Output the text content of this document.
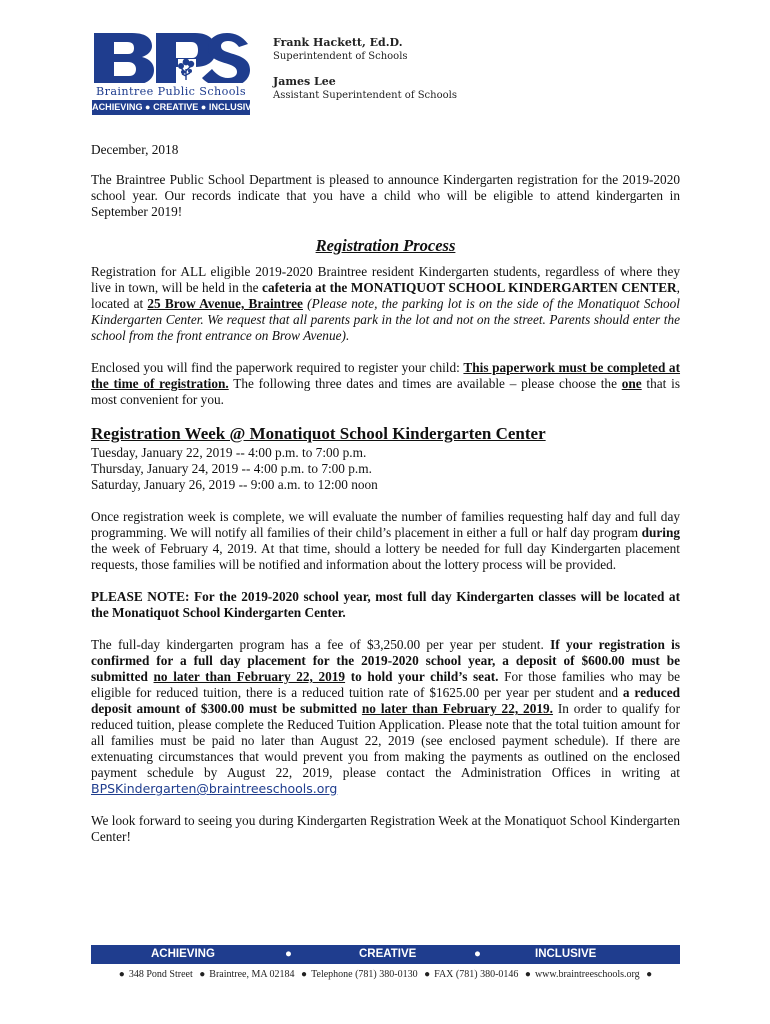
Braintree Public Schools
ACHIEVING ● CREATIVE ● INCLUSIVE
Frank Hackett, Ed.D.
Superintendent of Schools
James Lee
Assistant Superintendent of Schools

December, 2018

The Braintree Public School Department is pleased to announce Kindergarten registration for the 2019-2020 school year. Our records indicate that you have a child who will be eligible to attend kindergarten in September 2019!

Registration Process

Registration for ALL eligible 2019-2020 Braintree resident Kindergarten students, regardless of where they live in town, will be held in the cafeteria at the MONATIQUOT SCHOOL KINDERGARTEN CENTER, located at 25 Brow Avenue, Braintree (Please note, the parking lot is on the side of the Monatiquot School Kindergarten Center. We request that all parents park in the lot and not on the street. Parents should enter the school from the front entrance on Brow Avenue).

Enclosed you will find the paperwork required to register your child: This paperwork must be completed at the time of registration. The following three dates and times are available – please choose the one that is most convenient for you.

Registration Week @ Monatiquot School Kindergarten Center
Tuesday, January 22, 2019 -- 4:00 p.m. to 7:00 p.m.
Thursday, January 24, 2019 -- 4:00 p.m. to 7:00 p.m.
Saturday, January 26, 2019 -- 9:00 a.m. to 12:00 noon

Once registration week is complete, we will evaluate the number of families requesting half day and full day programming. We will notify all families of their child’s placement in either a full or half day program during the week of February 4, 2019. At that time, should a lottery be needed for full day Kindergarten placement requests, those families will be notified and information about the lottery process will be provided.

PLEASE NOTE: For the 2019-2020 school year, most full day Kindergarten classes will be located at the Monatiquot School Kindergarten Center.

The full-day kindergarten program has a fee of $3,250.00 per year per student. If your registration is confirmed for a full day placement for the 2019-2020 school year, a deposit of $600.00 must be submitted no later than February 22, 2019 to hold your child’s seat. For those families who may be eligible for reduced tuition, there is a reduced tuition rate of $1625.00 per year per student and a reduced deposit amount of $300.00 must be submitted no later than February 22, 2019. In order to qualify for reduced tuition, please complete the Reduced Tuition Application. Please note that the total tuition amount for all families must be paid no later than August 22, 2019 (see enclosed payment schedule). If there are extenuating circumstances that would prevent you from making the payments as outlined on the enclosed payment schedule by August 22, 2019, please contact the Administration Offices in writing at BPSKindergarten@braintreeschools.org

We look forward to seeing you during Kindergarten Registration Week at the Monatiquot School Kindergarten Center!

ACHIEVING	●	CREATIVE	●	INCLUSIVE
● 348 Pond Street ● Braintree, MA 02184 ● Telephone (781) 380-0130 ● FAX (781) 380-0146 ● www.braintreeschools.org ●
